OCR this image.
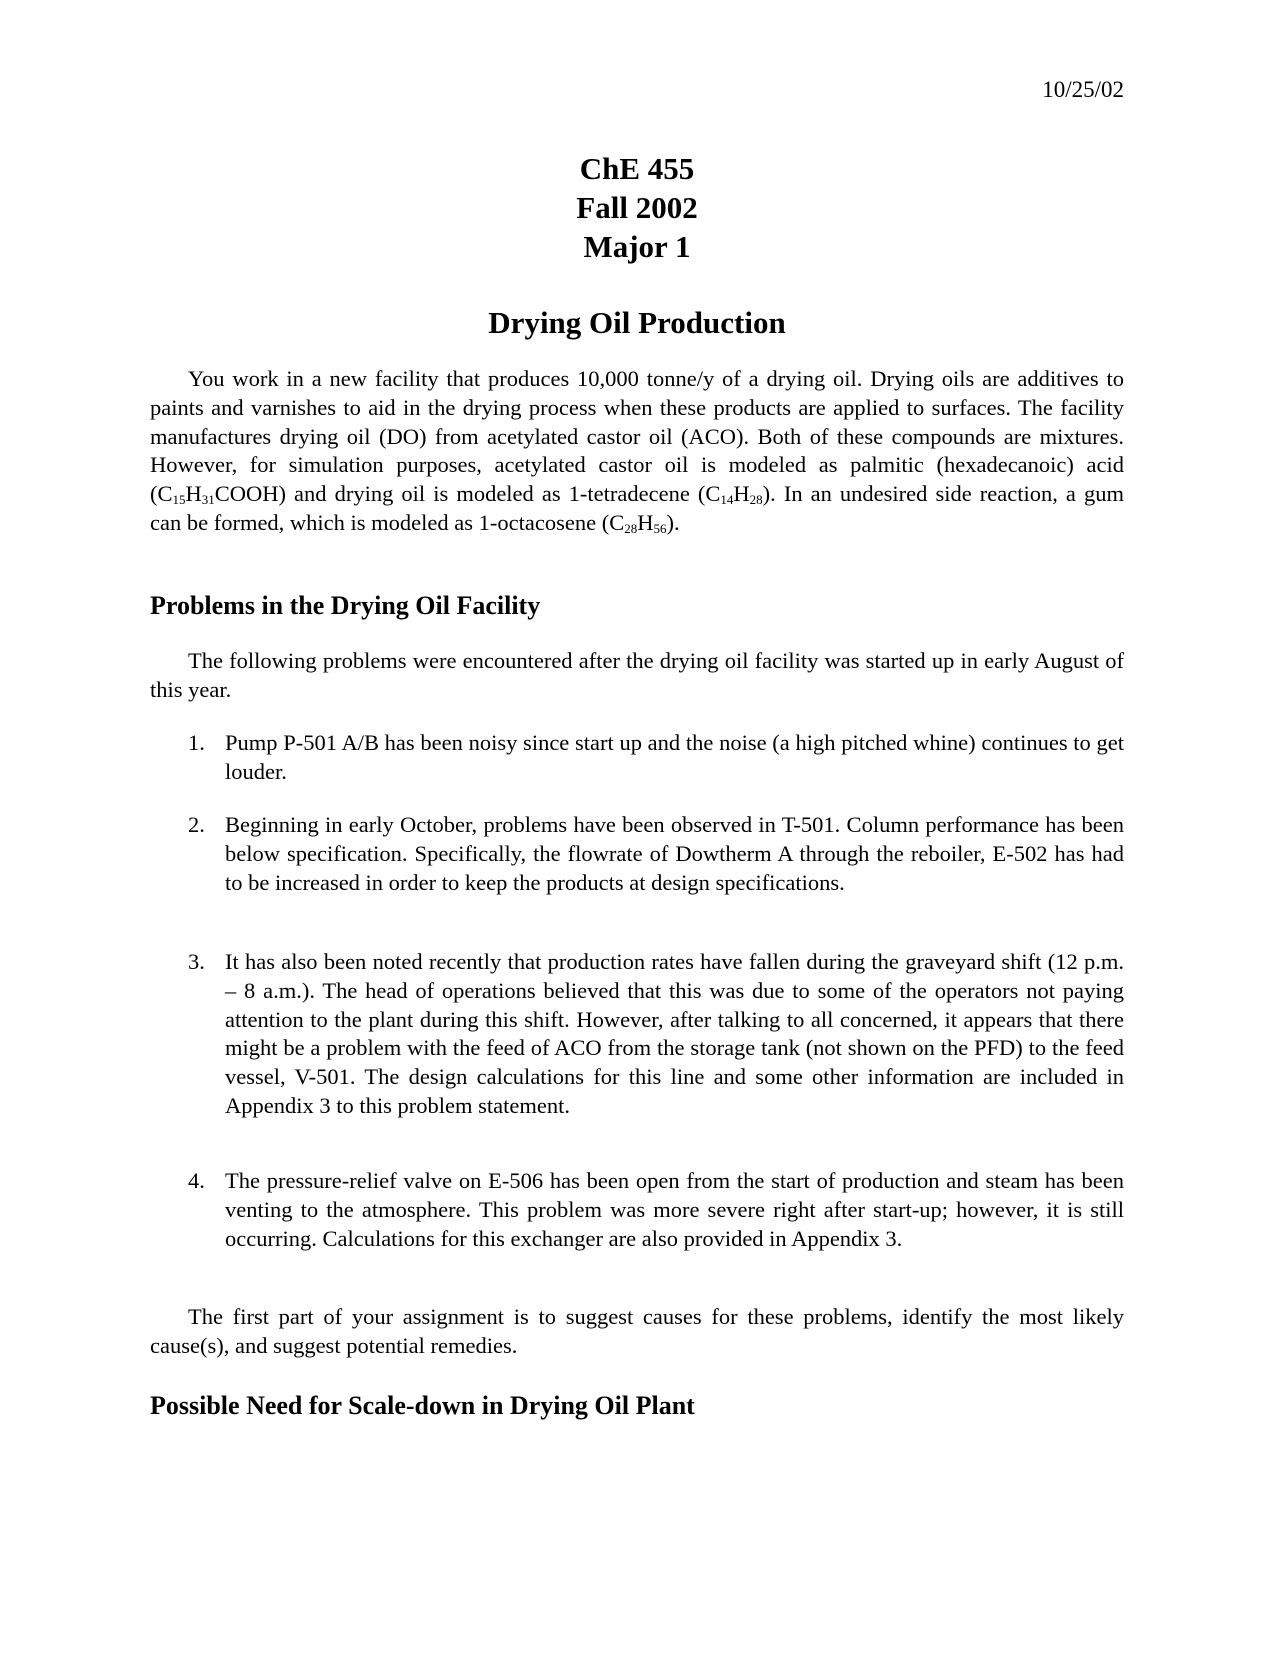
10/25/02
ChE 455
Fall 2002
Major 1
Drying Oil Production
You work in a new facility that produces 10,000 tonne/y of a drying oil. Drying oils are additives to paints and varnishes to aid in the drying process when these products are applied to surfaces. The facility manufactures drying oil (DO) from acetylated castor oil (ACO). Both of these compounds are mixtures. However, for simulation purposes, acetylated castor oil is modeled as palmitic (hexadecanoic) acid $(C_{15}H_{31}COOH)$ and drying oil is modeled as 1-tetradecene $(C_{14}H_{28})$. In an undesired side reaction, a gum can be formed, which is modeled as 1-octacosene $(C_{28}H_{56})$.
Problems in the Drying Oil Facility
The following problems were encountered after the drying oil facility was started up in early August of this year.
1. Pump P-501 A/B has been noisy since start up and the noise (a high pitched whine) continues to get louder.
2. Beginning in early October, problems have been observed in T-501. Column performance has been below specification. Specifically, the flowrate of Dowtherm A through the reboiler, E-502 has had to be increased in order to keep the products at design specifications.
3. It has also been noted recently that production rates have fallen during the graveyard shift (12 p.m. – 8 a.m.). The head of operations believed that this was due to some of the operators not paying attention to the plant during this shift. However, after talking to all concerned, it appears that there might be a problem with the feed of ACO from the storage tank (not shown on the PFD) to the feed vessel, V-501. The design calculations for this line and some other information are included in Appendix 3 to this problem statement.
4. The pressure-relief valve on E-506 has been open from the start of production and steam has been venting to the atmosphere. This problem was more severe right after start-up; however, it is still occurring. Calculations for this exchanger are also provided in Appendix 3.
The first part of your assignment is to suggest causes for these problems, identify the most likely cause(s), and suggest potential remedies.
Possible Need for Scale-down in Drying Oil Plant
